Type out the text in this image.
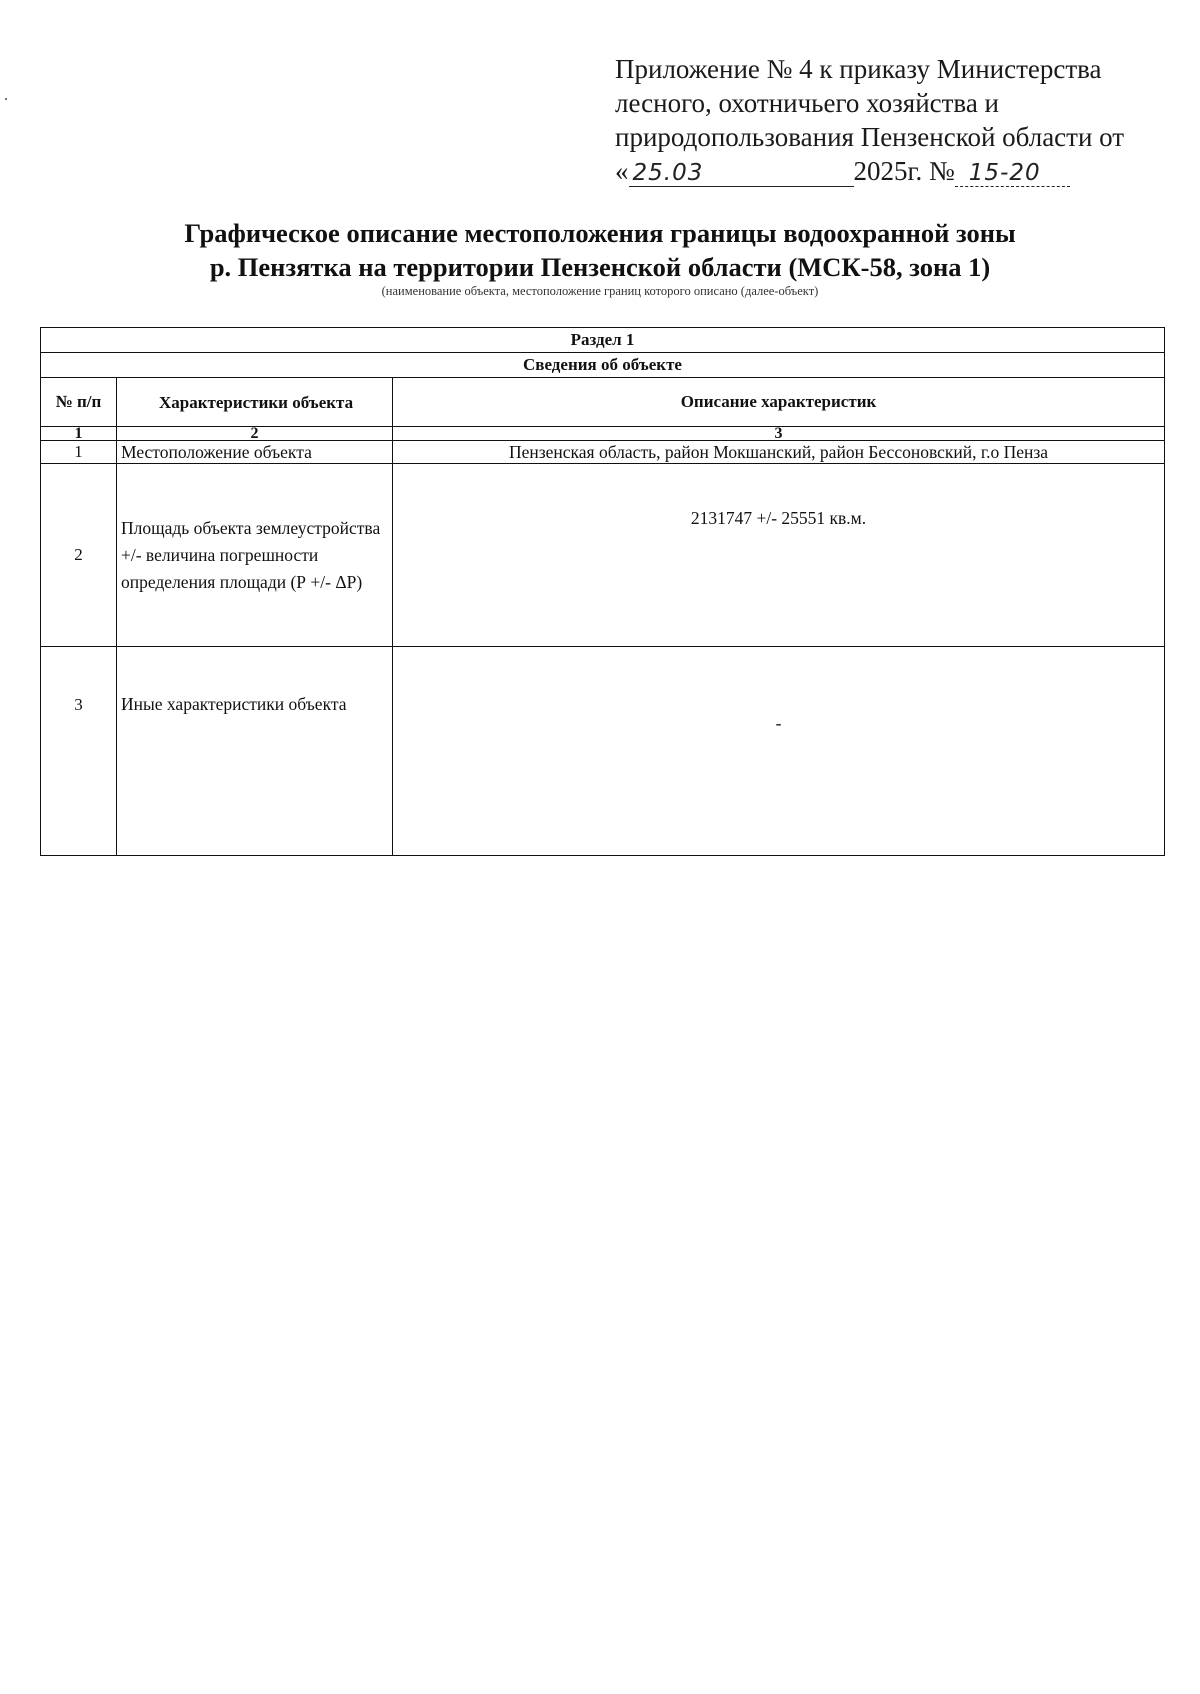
Приложение № 4 к приказу Министерства
лесного, охотничьего хозяйства и
природопользования Пензенской области от
« 25.03	2025г. № 15-20
Графическое описание местоположения границы водоохранной зоны
р. Пензятка на территории Пензенской области (МСК-58, зона 1)
(наименование объекта, местоположение границ которого описано (далее-объект)
Раздел 1		
Сведения об объекте		
№ п/п	Характеристики объекта	Описание характеристик
1	2	3
1	Местоположение объекта	Пензенская область, район Мокшанский, район Бессоновский, г.о Пенза
2	Площадь объекта землеустройства +/- величина погрешности определения площади (Р +/- ΔР)	2131747 +/- 25551 кв.м.
3	Иные характеристики объекта	-
